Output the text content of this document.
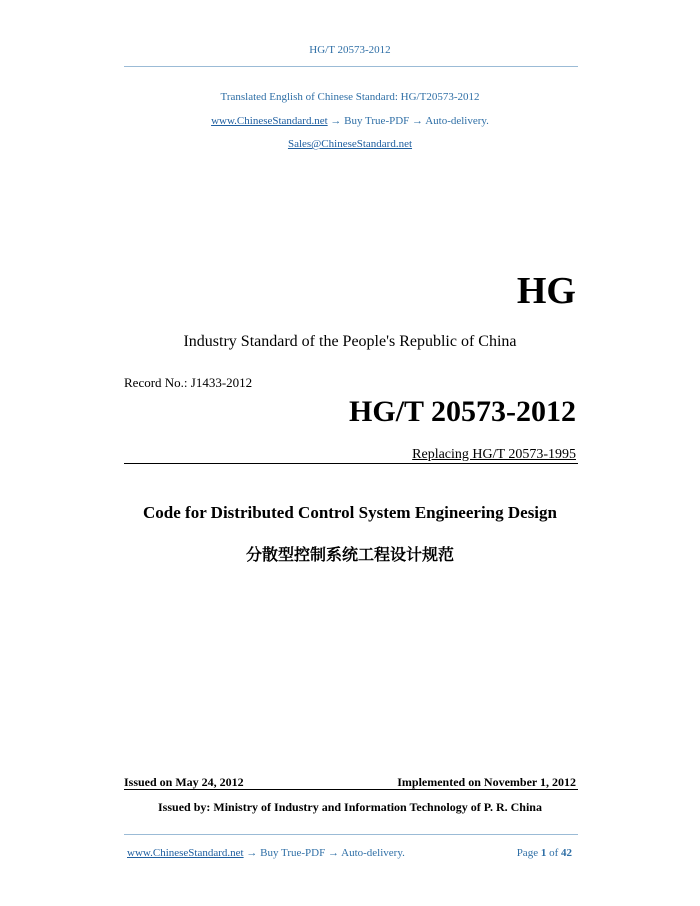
HG/T 20573-2012
Translated English of Chinese Standard: HG/T20573-2012
www.ChineseStandard.net → Buy True-PDF → Auto-delivery.
Sales@ChineseStandard.net
HG
Industry Standard of the People's Republic of China
Record No.: J1433-2012
HG/T 20573-2012
Replacing HG/T 20573-1995
Code for Distributed Control System Engineering Design
分散型控制系统工程设计规范
Issued on May 24, 2012	Implemented on November 1, 2012
Issued by: Ministry of Industry and Information Technology of P. R. China
www.ChineseStandard.net → Buy True-PDF → Auto-delivery.	Page 1 of 42
